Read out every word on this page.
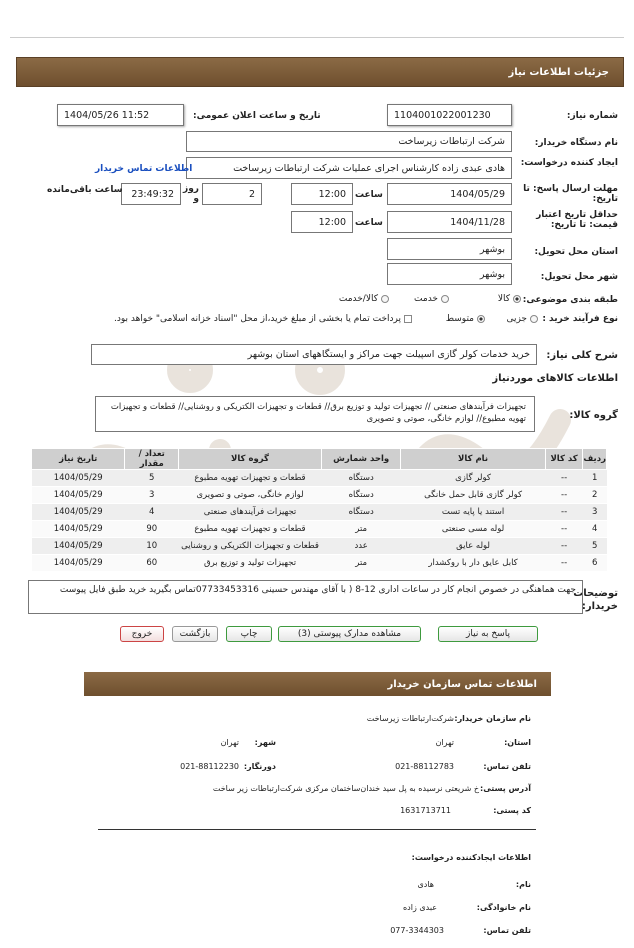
جزئیات اطلاعات نیاز
شماره نیاز:
1104001022001230
تاریخ و ساعت اعلان عمومی:
1404/05/26 11:52
نام دستگاه خریدار:
شرکت ارتباطات زیرساخت
ایجاد کننده درخواست:
هادی عبدی زاده کارشناس اجرای عملیات شرکت ارتباطات زیرساخت
اطلاعات تماس خریدار
مهلت ارسال پاسخ: تا تاریخ:
1404/05/29
ساعت
12:00
2
روز و
23:49:32
ساعت باقی‌مانده
حداقل تاریخ اعتبار قیمت: تا تاریخ:
1404/11/28
ساعت
12:00
استان محل تحویل:
بوشهر
شهر محل تحویل:
بوشهر
طبقه بندی موضوعی:
کالا
خدمت
کالا/خدمت
نوع فرآیند خرید :
جزیی
متوسط
پرداخت تمام یا بخشی از مبلغ خرید،از محل "اسناد خزانه اسلامی" خواهد بود.
شرح کلی نیاز:
خرید خدمات کولر گازی اسپیلت جهت مراکز و ایستگاههای استان بوشهر
اطلاعات کالاهای موردنیاز
گروه کالا:
تجهیزات فرآیندهای صنعتی // تجهیزات تولید و توزیع برق// قطعات و تجهیزات الکتریکی و روشنایی// قطعات و تجهیزات تهویه مطبوع// لوازم خانگی، صوتی و تصویری
ردیف	کد کالا	نام کالا	واحد شمارش	گروه کالا	تعداد / مقدار	تاریخ نیاز
1	--	کولر گازی	دستگاه	قطعات و تجهیزات تهویه مطبوع	5	1404/05/29
2	--	کولر گازی قابل حمل خانگی	دستگاه	لوازم خانگی، صوتی و تصویری	3	1404/05/29
3	--	استند یا پایه تست	دستگاه	تجهیزات فرآیندهای صنعتی	4	1404/05/29
4	--	لوله مسی صنعتی	متر	قطعات و تجهیزات تهویه مطبوع	90	1404/05/29
5	--	لوله عایق	عدد	قطعات و تجهیزات الکتریکی و روشنایی	10	1404/05/29
6	--	کابل عایق دار با روکشدار	متر	تجهیزات تولید و توزیع برق	60	1404/05/29
توضیحات خریدار:
جهت هماهنگی در خصوص انجام کار در ساعات اداری 12-8 ( با آقای مهندس حسینی 07733453316تماس بگیرید خرید طبق فایل پیوست
پاسخ به نیاز
مشاهده مدارک پیوستی (3)
چاپ
بازگشت
خروج
اطلاعات تماس سازمان خریدار
نام سازمان خریدار:
شرکت‌ارتباطات زیرساخت
استان:
تهران
شهر:
تهران
تلفن تماس:
021-88112783
دورنگار:
021-88112230
آدرس پستی:
خ شریعتی نرسیده به پل سید خندان‌ساختمان مرکزی شرکت‌ارتباطات زیر ساخت
کد پستی:
1631713711
اطلاعات ایجادکننده درخواست:
نام:
هادی
نام خانوادگی:
عبدی زاده
تلفن تماس:
077-3344303
